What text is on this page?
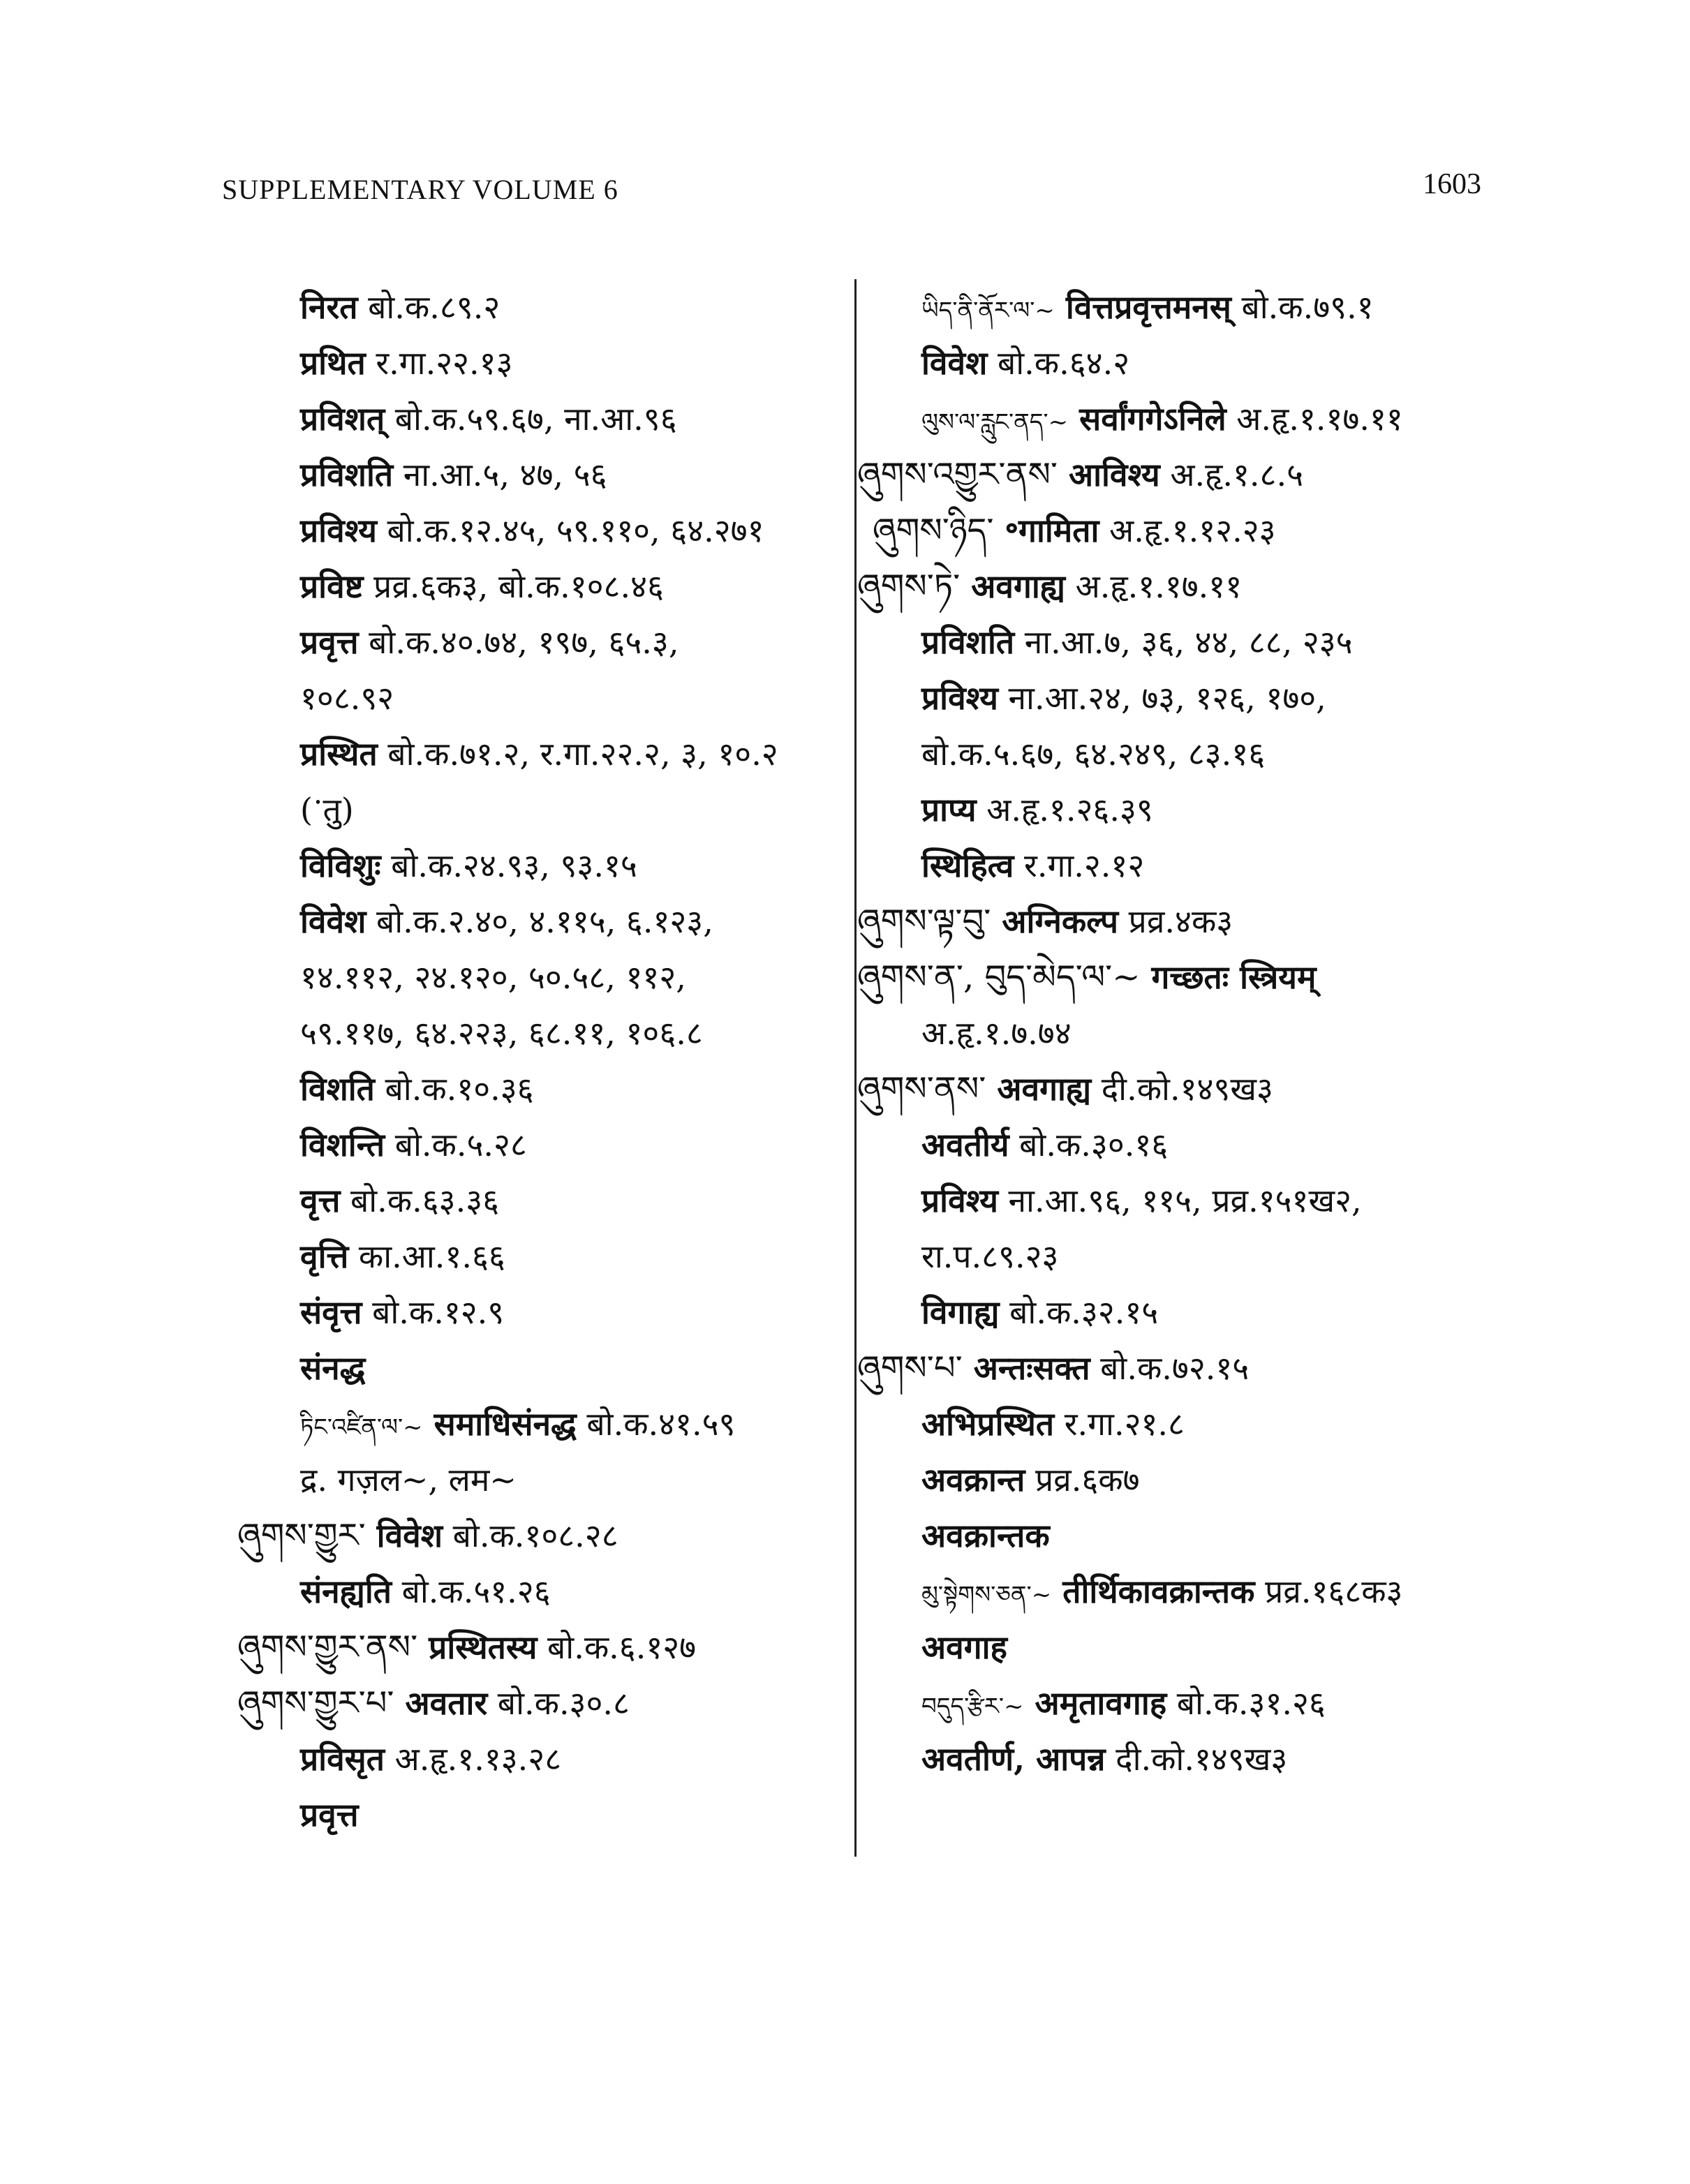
SUPPLEMENTARY VOLUME 6	1603
निरत बो.क.८९.२
प्रथित र.गा.२२.१३
प्रविशत् बो.क.५९.६७, ना.आ.९६
प्रविशति ना.आ.५, ४७, ५६
प्रविश्य बो.क.१२.४५, ५९.११०, ६४.२७१
प्रविष्ट प्रव्र.६क३, बो.क.१०८.४६
प्रवृत्त बो.क.४०.७४, १९७, ६५.३,
१०८.९२
प्रस्थित बो.क.७१.२, र.गा.२२.२, ३, १०.२
(ॱतु)
विविशुः बो.क.२४.९३, ९३.१५
विवेश बो.क.२.४०, ४.११५, ६.१२३,
१४.११२, २४.१२०, ५०.५८, ११२,
५९.११७, ६४.२२३, ६८.११, १०६.८
विशति बो.क.१०.३६
विशन्ति बो.क.५.२८
वृत्त बो.क.६३.३६
वृत्ति का.आ.१.६६
संवृत्त बो.क.१२.९
संनद्ध
ཏིང་འཛིན་ལ་~ समाधिसंनद्ध बो.क.४१.५९
द्र. गज़ल~, लम~
ཞུགས་གྱུར་ विवेश बो.क.१०८.२८
संनह्यति बो.क.५१.२६
ཞུགས་གྱུར་ནས་ प्रस्थितस्य बो.क.६.१२७
ཞུགས་གྱུར་པ་ अवतार बो.क.३०.८
प्रविसृत अ.हृ.१.१३.२८
प्रवृत्त
ཡིད་ནི་ནོར་ལ་~ वित्तप्रवृत्तमनस् बो.क.७९.१
विवेश बो.क.६४.२
ལུས་ལ་རླུང་ནད་~ सर्वांगगेऽनिले अ.हृ.१.१७.११
ཞུགས་འགྱུར་ནས་ आविश्य अ.हृ.१.८.५
ཞུགས་ཉིད་ ॰गामिता अ.हृ.१.१२.२३
ཞུགས་ཏེ་ अवगाह्य अ.हृ.१.१७.११
प्रविशति ना.आ.७, ३६, ४४, ८८, २३५
प्रविश्य ना.आ.२४, ७३, १२६, १७०,
बो.क.५.६७, ६४.२४९, ८३.१६
प्राप्य अ.हृ.१.२६.३९
स्थिहित्व र.गा.२.१२
ཞུགས་ལྟ་བུ་ अग्निकल्प प्रव्र.४क३
ཞུགས་ན་, བུད་མེད་ལ་~ गच्छतः स्त्रियम्
अ.हृ.१.७.७४
ཞུགས་ནས་ अवगाह्य दी.को.१४९ख३
अवतीर्य बो.क.३०.१६
प्रविश्य ना.आ.९६, ११५, प्रव्र.१५१ख२,
रा.प.८९.२३
विगाह्य बो.क.३२.१५
ཞུགས་པ་ अन्तःसक्त बो.क.७२.१५
अभिप्रस्थित र.गा.२१.८
अवक्रान्त प्रव्र.६क७
अवक्रान्तक
མུ་སྟེགས་ཅན་~ तीर्थिकावक्रान्तक प्रव्र.१६८क३
अवगाह
བདུད་རྩིར་~ अमृतावगाह बो.क.३१.२६
अवतीर्ण, आपन्न दी.को.१४९ख३
